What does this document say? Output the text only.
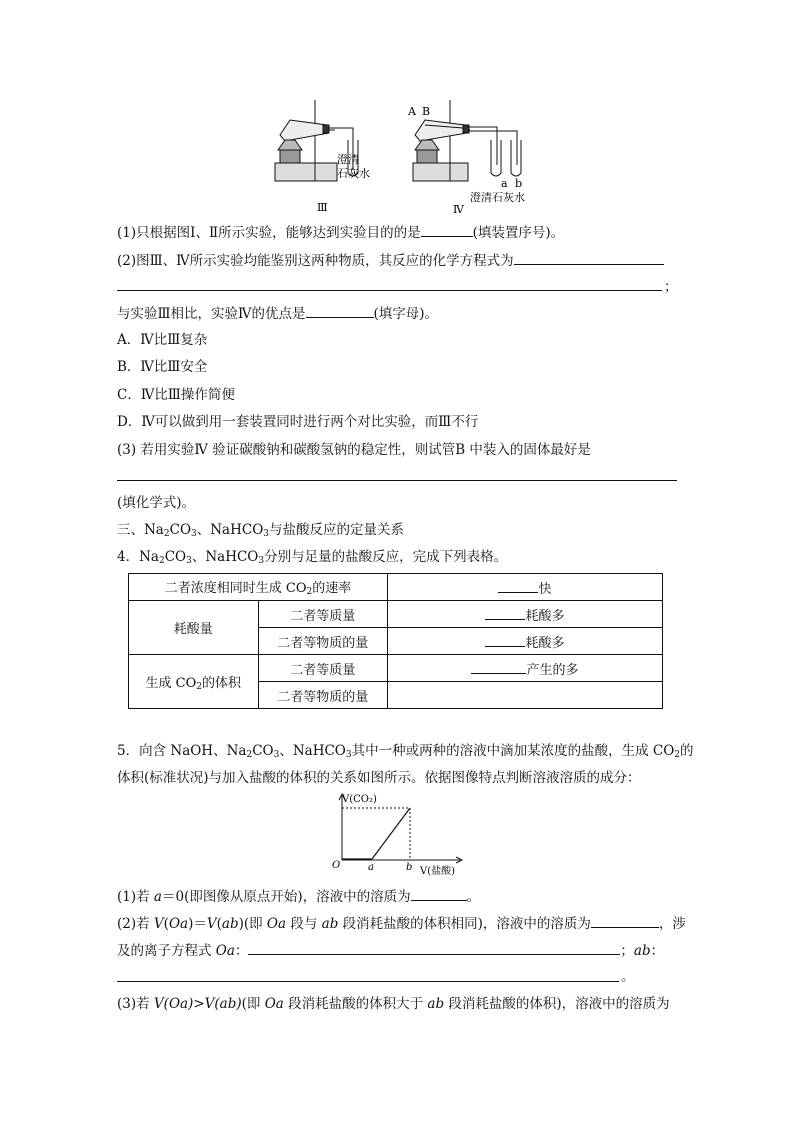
澄清
石灰水
Ⅲ
A B
a b
澄清石灰水
Ⅳ
(1)只根据图Ⅰ、Ⅱ所示实验，能够达到实验目的的是	(填装置序号)。
(2)图Ⅲ、Ⅳ所示实验均能鉴别这两种物质，其反应的化学方程式为
；
与实验Ⅲ相比，实验Ⅳ的优点是	(填字母)。
A．Ⅳ比Ⅲ复杂
B．Ⅳ比Ⅲ安全
C．Ⅳ比Ⅲ操作简便
D．Ⅳ可以做到用一套装置同时进行两个对比实验，而Ⅲ不行
(3) 若用实验Ⅳ 验证碳酸钠和碳酸氢钠的稳定性，则试管B 中装入的固体最好是
(填化学式)。
三、$Na_2CO_3$、NaHCO$_3$与盐酸反应的定量关系
4．$Na_2CO_3$、NaHCO$_3$分别与足量的盐酸反应，完成下列表格。
二者浓度相同时生成 $CO_2$的速率		快
耗酸量	二者等质量	耗酸多
	二者等物质的量	耗酸多
生成 $CO_2$的体积	二者等质量	产生的多
	二者等物质的量	
5．向含 NaOH、$Na_2CO_3$、NaHCO$_3$其中一种或两种的溶液中滴加某浓度的盐酸，生成 $CO_2$的
体积(标准状况)与加入盐酸的体积的关系如图所示。依据图像特点判断溶液溶质的成分：
V(CO₂)
O	a	b V(盐酸)
(1)若 a＝0(即图像从原点开始)，溶液中的溶质为	。
(2)若 V(Oa)＝V(ab)(即 Oa 段与 ab 段消耗盐酸的体积相同)，溶液中的溶质为	，涉
及的离子方程式 Oa：	；ab：
。
(3)若 V(Oa)>V(ab)(即 Oa 段消耗盐酸的体积大于 ab 段消耗盐酸的体积)，溶液中的溶质为
